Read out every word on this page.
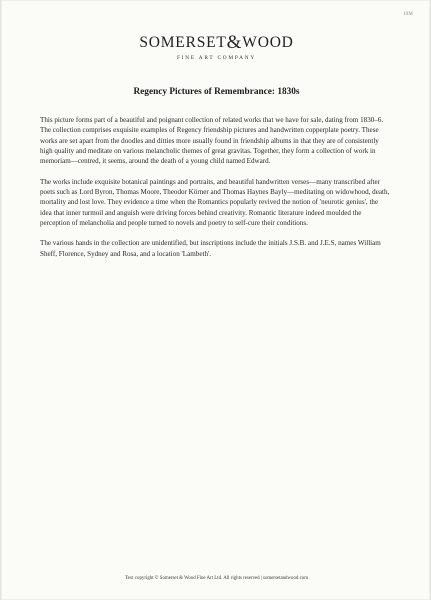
10M
SOMERSET&WOOD
FINE ART COMPANY
Regency Pictures of Remembrance: 1830s

This picture forms part of a beautiful and poignant collection of related works that we have for sale, dating from 1830–6. The collection comprises exquisite examples of Regency friendship pictures and handwritten copperplate poetry. These works are set apart from the doodles and ditties more usually found in friendship albums in that they are of consistently high quality and meditate on various melancholic themes of great gravitas. Together, they form a collection of work in memoriam—centred, it seems, around the death of a young child named Edward.

The works include exquisite botanical paintings and portraits, and beautiful handwritten verses—many transcribed after poets such as Lord Byron, Thomas Moore, Theodor Körner and Thomas Haynes Bayly—meditating on widowhood, death, mortality and lost love. They evidence a time when the Romantics popularly revived the notion of 'neurotic genius', the idea that inner turmoil and anguish were driving forces behind creativity. Romantic literature indeed moulded the perception of melancholia and people turned to novels and poetry to self-cure their conditions.

The various hands in the collection are unidentified, but inscriptions include the initials J.S.B. and J.E.S, names William Sheff, Florence, Sydney and Rosa, and a location 'Lambeth'.

Text copyright © Somerset & Wood Fine Art Ltd. All rights reserved | somersetandwood.com
